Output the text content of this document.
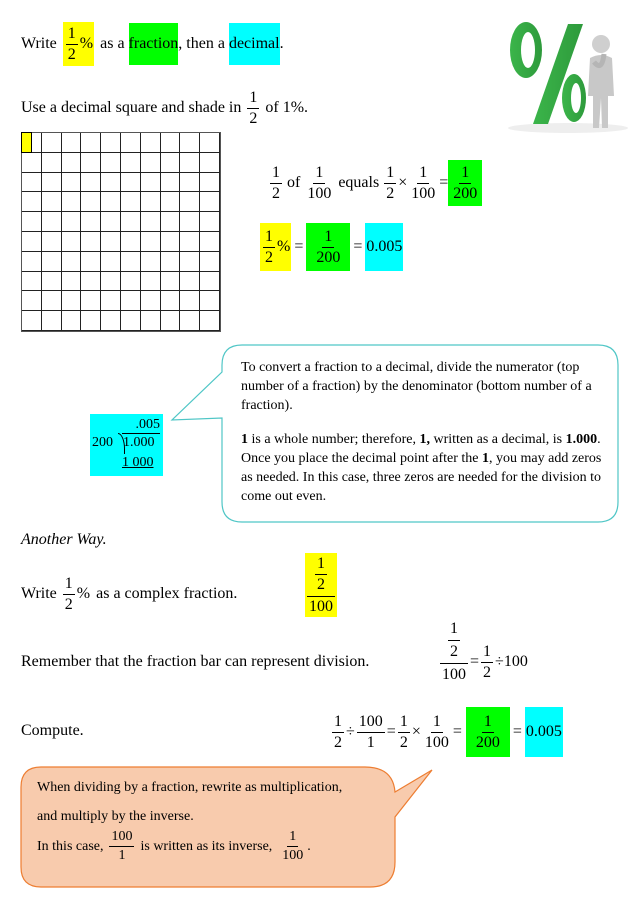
Write $\frac{1}{2}$ % as a fraction , then a decimal .
Use a decimal square and shade in $\frac{1}{2}$ of 1%.
$\frac{1}{2}$ of $\frac{1}{100}$ equals $\frac{1}{2} \times \frac{1}{100} = \frac{1}{200}$
$\frac{1}{2}$ % = $\frac{1}{200} = 0.005$

To convert a fraction to a decimal, divide the numerator (top number of a fraction) by the denominator (bottom number of a fraction).

1 is a whole number; therefore, 1, written as a decimal, is 1.000. Once you place the decimal point after the 1, you may add zeros as needed. In this case, three zeros are needed for the division to come out even.

.005
200 1.000
1 000
Another Way.
Write $\frac{1}{2}$ % as a complex fraction.
1
2
100
Remember that the fraction bar can represent division.
1
2
100
= $\frac{1}{2} \div 100$
Compute.	$\frac{1}{2} \div \frac{100}{1} = \frac{1}{2} \times \frac{1}{100} = \frac{1}{200} = 0.005$
When dividing by a fraction, rewrite as multiplication,
and multiply by the inverse.
In this case, $\frac{100}{1}$ is written as its inverse, $\frac{1}{100}$ .
